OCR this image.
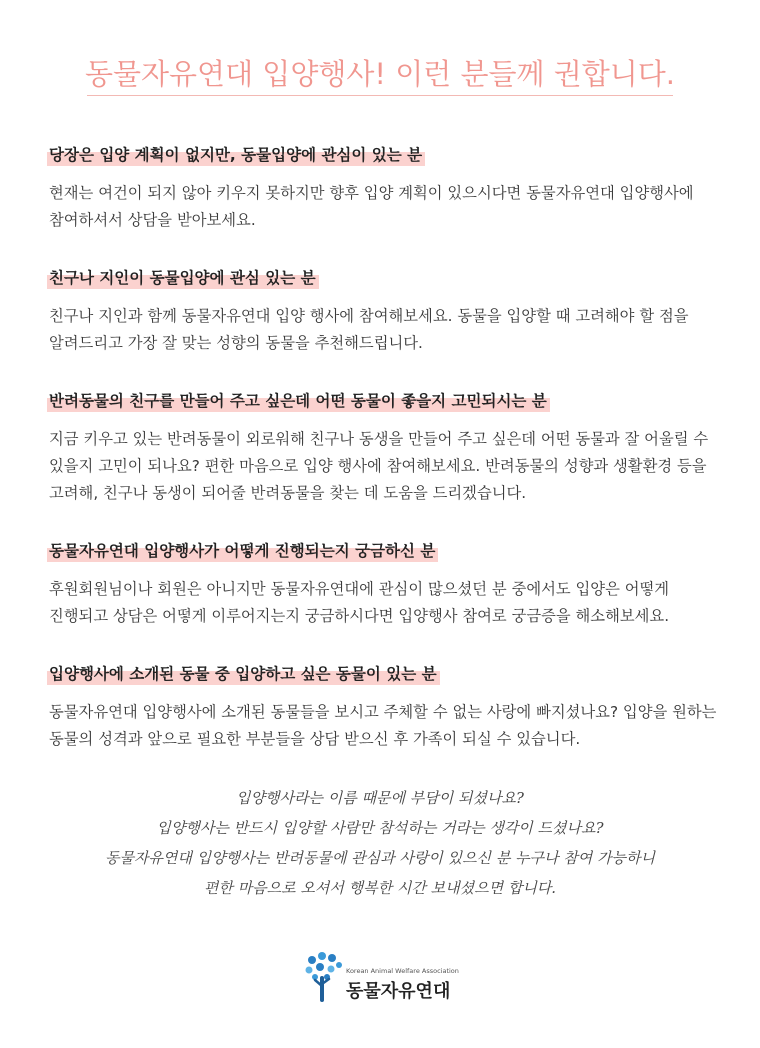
동물자유연대 입양행사! 이런 분들께 권합니다.
당장은 입양 계획이 없지만, 동물입양에 관심이 있는 분
현재는 여건이 되지 않아 키우지 못하지만 향후 입양 계획이 있으시다면 동물자유연대 입양행사에 참여하셔서 상담을 받아보세요.
친구나 지인이 동물입양에 관심 있는 분
친구나 지인과 함께 동물자유연대 입양 행사에 참여해보세요. 동물을 입양할 때 고려해야 할 점을 알려드리고 가장 잘 맞는 성향의 동물을 추천해드립니다.
반려동물의 친구를 만들어 주고 싶은데 어떤 동물이 좋을지 고민되시는 분
지금 키우고 있는 반려동물이 외로워해 친구나 동생을 만들어 주고 싶은데 어떤 동물과 잘 어울릴 수 있을지 고민이 되나요? 편한 마음으로 입양 행사에 참여해보세요. 반려동물의 성향과 생활환경 등을 고려해, 친구나 동생이 되어줄 반려동물을 찾는 데 도움을 드리겠습니다.
동물자유연대 입양행사가 어떻게 진행되는지 궁금하신 분
후원회원님이나 회원은 아니지만 동물자유연대에 관심이 많으셨던 분 중에서도 입양은 어떻게 진행되고 상담은 어떻게 이루어지는지 궁금하시다면 입양행사 참여로 궁금증을 해소해보세요.
입양행사에 소개된 동물 중 입양하고 싶은 동물이 있는 분
동물자유연대 입양행사에 소개된 동물들을 보시고 주체할 수 없는 사랑에 빠지셨나요? 입양을 원하는 동물의 성격과 앞으로 필요한 부분들을 상담 받으신 후 가족이 되실 수 있습니다.
입양행사라는 이름 때문에 부담이 되셨나요?
입양행사는 반드시 입양할 사람만 참석하는 거라는 생각이 드셨나요?
동물자유연대 입양행사는 반려동물에 관심과 사랑이 있으신 분 누구나 참여 가능하니
편한 마음으로 오셔서 행복한 시간 보내셨으면 합니다.
Korean Animal Welfare Association
동물자유연대
